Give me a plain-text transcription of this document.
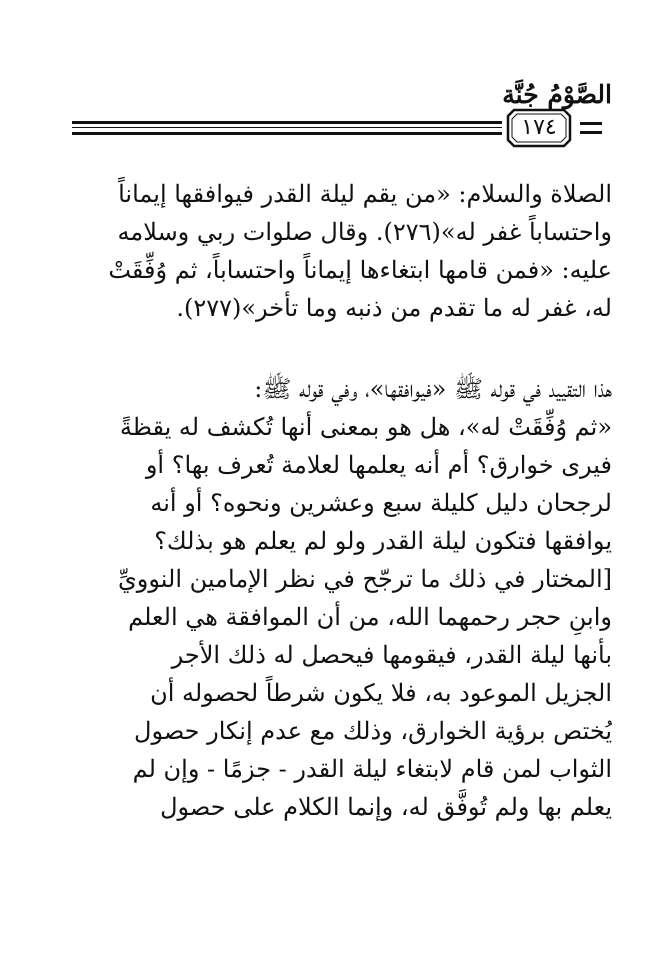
الصَّوْمُ جُنَّة
١٧٤
الصلاة والسلام: «من يقم ليلة القدر فيوافقها إيماناً
واحتساباً غفر له»(٢٧٦). وقال صلوات ربي وسلامه
عليه: «فمن قامها ابتغاءها إيماناً واحتساباً، ثم وُفِّقَتْ
له، غفر له ما تقدم من ذنبه وما تأخر»(٢٧٧).
هذا التقييد في قوله ﷺ «فيوافقها»، وفي قوله ﷺ:
«ثم وُفِّقَتْ له»، هل هو بمعنى أنها تُكشف له يقظةً
فيرى خوارق؟ أم أنه يعلمها لعلامة تُعرف بها؟ أو
لرجحان دليل كليلة سبع وعشرين ونحوه؟ أو أنه
يوافقها فتكون ليلة القدر ولو لم يعلم هو بذلك؟
[المختار في ذلك ما ترجّح في نظر الإمامين النوويِّ
وابنِ حجر رحمهما الله، من أن الموافقة هي العلم
بأنها ليلة القدر، فيقومها فيحصل له ذلك الأجر
الجزيل الموعود به، فلا يكون شرطاً لحصوله أن
يُختص برؤية الخوارق، وذلك مع عدم إنكار حصول
الثواب لمن قام لابتغاء ليلة القدر - جزمًا - وإن لم
يعلم بها ولم تُوفَّق له، وإنما الكلام على حصول
